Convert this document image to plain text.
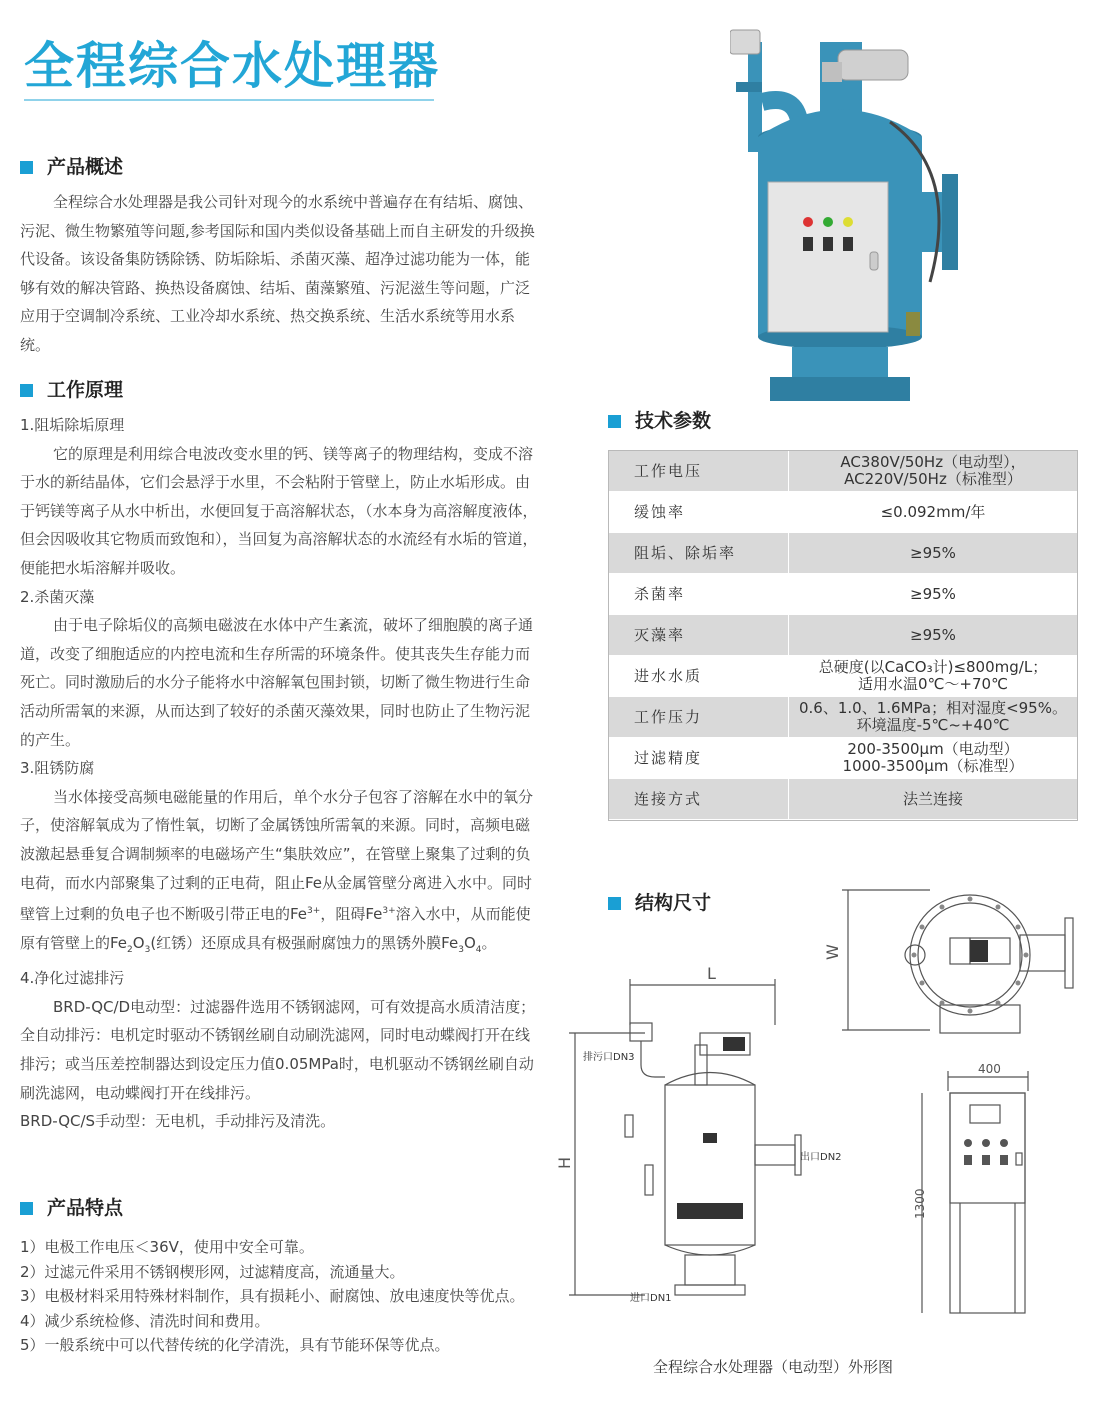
全程综合水处理器
产品概述
全程综合水处理器是我公司针对现今的水系统中普遍存在有结垢、腐蚀、污泥、微生物繁殖等问题,参考国际和国内类似设备基础上而自主研发的升级换代设备。该设备集防锈除锈、防垢除垢、杀菌灭藻、超净过滤功能为一体，能够有效的解决管路、换热设备腐蚀、结垢、菌藻繁殖、污泥滋生等问题，广泛应用于空调制冷系统、工业冷却水系统、热交换系统、生活水系统等用水系统。
工作原理
1.阻垢除垢原理
它的原理是利用综合电波改变水里的钙、镁等离子的物理结构，变成不溶于水的新结晶体，它们会悬浮于水里，不会粘附于管壁上，防止水垢形成。由于钙镁等离子从水中析出，水便回复于高溶解状态，（水本身为高溶解度液体，但会因吸收其它物质而致饱和），当回复为高溶解状态的水流经有水垢的管道，便能把水垢溶解并吸收。
2.杀菌灭藻
由于电子除垢仪的高频电磁波在水体中产生紊流，破坏了细胞膜的离子通道，改变了细胞适应的内控电流和生存所需的环境条件。使其丧失生存能力而死亡。同时激励后的水分子能将水中溶解氧包围封锁，切断了微生物进行生命活动所需氧的来源，从而达到了较好的杀菌灭藻效果，同时也防止了生物污泥的产生。
3.阻锈防腐
当水体接受高频电磁能量的作用后，单个水分子包容了溶解在水中的氧分子，使溶解氧成为了惰性氧，切断了金属锈蚀所需氧的来源。同时，高频电磁波激起悬垂复合调制频率的电磁场产生“集肤效应”，在管壁上聚集了过剩的负电荷，而水内部聚集了过剩的正电荷，阻止Fe从金属管壁分离进入水中。同时壁管上过剩的负电子也不断吸引带正电的$Fe^{3+}$，阻碍$Fe^{3+}$溶入水中，从而能使原有管壁上的$Fe_2O_3$(红锈）还原成具有极强耐腐蚀力的黑锈外膜$Fe_3O_4$。
4.净化过滤排污
BRD-QC/D电动型：过滤器件选用不锈钢滤网，可有效提高水质清洁度；全自动排污：电机定时驱动不锈钢丝刷自动刷洗滤网，同时电动蝶阀打开在线排污；或当压差控制器达到设定压力值0.05MPa时，电机驱动不锈钢丝刷自动刷洗滤网，电动蝶阀打开在线排污。
BRD-QC/S手动型：无电机，手动排污及清洗。
产品特点
1）电极工作电压＜36V，使用中安全可靠。
2）过滤元件采用不锈钢楔形网，过滤精度高，流通量大。
3）电极材料采用特殊材料制作，具有损耗小、耐腐蚀、放电速度快等优点。
4）减少系统检修、清洗时间和费用。
5）一般系统中可以代替传统的化学清洗，具有节能环保等优点。
技术参数
工作电压	AC380V/50Hz（电动型），
AC220V/50Hz（标准型）

缓蚀率	≤0.092mm/年

阻垢、除垢率	≥95%

杀菌率	≥95%

灭藻率	≥95%

进水水质	总硬度(以CaCO₃计)≤800mg/L；
适用水温0℃～+70℃

工作压力	0.6、1.0、1.6MPa；相对湿度<95%。
环境温度-5℃~+40℃

过滤精度	200-3500μm（电动型）
1000-3500μm（标准型）

连接方式	法兰连接
结构尺寸
W
L
H
排污口DN3
出口DN2
进口DN1
400
1300
全程综合水处理器（电动型）外形图
